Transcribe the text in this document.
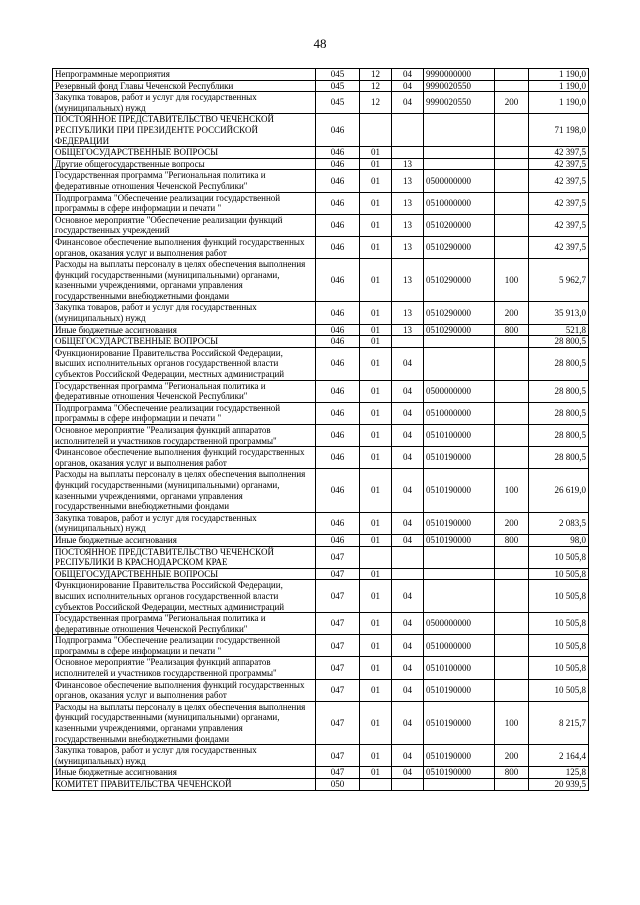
48
Непрограммные мероприятия	045	12	04	9990000000		1 190,0
Резервный фонд Главы Чеченской Республики	045	12	04	9990020550		1 190,0
Закупка товаров, работ и услуг для государственных (муниципальных) нужд	045	12	04	9990020550	200	1 190,0
ПОСТОЯННОЕ ПРЕДСТАВИТЕЛЬСТВО ЧЕЧЕНСКОЙ РЕСПУБЛИКИ ПРИ ПРЕЗИДЕНТЕ РОССИЙСКОЙ ФЕДЕРАЦИИ	046					71 198,0
ОБЩЕГОСУДАРСТВЕННЫЕ ВОПРОСЫ	046	01				42 397,5
Другие общегосударственные вопросы	046	01	13			42 397,5
Государственная программа "Региональная политика и федеративные отношения Чеченской Республики"	046	01	13	0500000000		42 397,5
Подпрограмма "Обеспечение реализации государственной программы в сфере информации и печати "	046	01	13	0510000000		42 397,5
Основное мероприятие "Обеспечение реализации функций государственных учреждений	046	01	13	0510200000		42 397,5
Финансовое обеспечение выполнения функций государственных органов, оказания услуг и выполнения работ	046	01	13	0510290000		42 397,5
Расходы на выплаты персоналу в целях обеспечения выполнения функций государственными (муниципальными) органами, казенными учреждениями, органами управления государственными внебюджетными фондами	046	01	13	0510290000	100	5 962,7
Закупка товаров, работ и услуг для государственных (муниципальных) нужд	046	01	13	0510290000	200	35 913,0
Иные бюджетные ассигнования	046	01	13	0510290000	800	521,8
ОБЩЕГОСУДАРСТВЕННЫЕ ВОПРОСЫ	046	01				28 800,5
Функционирование Правительства Российской Федерации, высших исполнительных органов государственной власти субъектов Российской Федерации, местных администраций	046	01	04			28 800,5
Государственная программа "Региональная политика и федеративные отношения Чеченской Республики"	046	01	04	0500000000		28 800,5
Подпрограмма "Обеспечение реализации государственной программы в сфере информации и печати "	046	01	04	0510000000		28 800,5
Основное мероприятие "Реализация функций аппаратов исполнителей и участников государственной программы"	046	01	04	0510100000		28 800,5
Финансовое обеспечение выполнения функций государственных органов, оказания услуг и выполнения работ	046	01	04	0510190000		28 800,5
Расходы на выплаты персоналу в целях обеспечения выполнения функций государственными (муниципальными) органами, казенными учреждениями, органами управления государственными внебюджетными фондами	046	01	04	0510190000	100	26 619,0
Закупка товаров, работ и услуг для государственных (муниципальных) нужд	046	01	04	0510190000	200	2 083,5
Иные бюджетные ассигнования	046	01	04	0510190000	800	98,0
ПОСТОЯННОЕ ПРЕДСТАВИТЕЛЬСТВО ЧЕЧЕНСКОЙ РЕСПУБЛИКИ В КРАСНОДАРСКОМ КРАЕ	047					10 505,8
ОБЩЕГОСУДАРСТВЕННЫЕ ВОПРОСЫ	047	01				10 505,8
Функционирование Правительства Российской Федерации, высших исполнительных органов государственной власти субъектов Российской Федерации, местных администраций	047	01	04			10 505,8
Государственная программа "Региональная политика и федеративные отношения Чеченской Республики"	047	01	04	0500000000		10 505,8
Подпрограмма "Обеспечение реализации государственной программы в сфере информации и печати "	047	01	04	0510000000		10 505,8
Основное мероприятие "Реализация функций аппаратов исполнителей и участников государственной программы"	047	01	04	0510100000		10 505,8
Финансовое обеспечение выполнения функций государственных органов, оказания услуг и выполнения работ	047	01	04	0510190000		10 505,8
Расходы на выплаты персоналу в целях обеспечения выполнения функций государственными (муниципальными) органами, казенными учреждениями, органами управления государственными внебюджетными фондами	047	01	04	0510190000	100	8 215,7
Закупка товаров, работ и услуг для государственных (муниципальных) нужд	047	01	04	0510190000	200	2 164,4
Иные бюджетные ассигнования	047	01	04	0510190000	800	125,8
КОМИТЕТ ПРАВИТЕЛЬСТВА ЧЕЧЕНСКОЙ	050					20 939,5
